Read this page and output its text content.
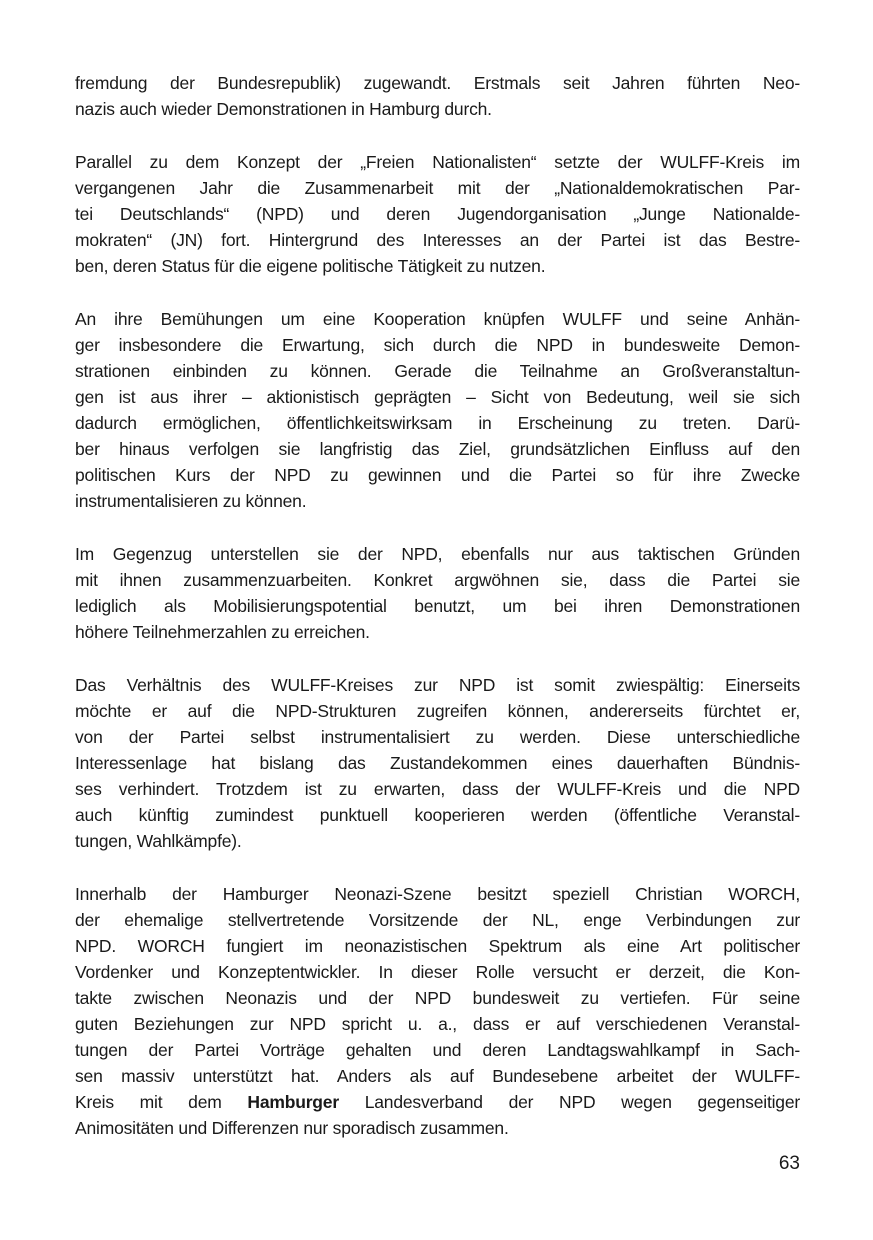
fremdung der Bundesrepublik) zugewandt. Erstmals seit Jahren führten Neo-
nazis auch wieder Demonstrationen in Hamburg durch.

Parallel zu dem Konzept der „Freien Nationalisten“ setzte der WULFF-Kreis im
vergangenen Jahr die Zusammenarbeit mit der „Nationaldemokratischen Par-
tei Deutschlands“ (NPD) und deren Jugendorganisation „Junge Nationalde-
mokraten“ (JN) fort. Hintergrund des Interesses an der Partei ist das Bestre-
ben, deren Status für die eigene politische Tätigkeit zu nutzen.

An ihre Bemühungen um eine Kooperation knüpfen WULFF und seine Anhän-
ger insbesondere die Erwartung, sich durch die NPD in bundesweite Demon-
strationen einbinden zu können. Gerade die Teilnahme an Großveranstaltun-
gen ist aus ihrer – aktionistisch geprägten – Sicht von Bedeutung, weil sie sich
dadurch ermöglichen, öffentlichkeitswirksam in Erscheinung zu treten. Darü-
ber hinaus verfolgen sie langfristig das Ziel, grundsätzlichen Einfluss auf den
politischen Kurs der NPD zu gewinnen und die Partei so für ihre Zwecke
instrumentalisieren zu können.

Im Gegenzug unterstellen sie der NPD, ebenfalls nur aus taktischen Gründen
mit ihnen zusammenzuarbeiten. Konkret argwöhnen sie, dass die Partei sie
lediglich als Mobilisierungspotential benutzt, um bei ihren Demonstrationen
höhere Teilnehmerzahlen zu erreichen.

Das Verhältnis des WULFF-Kreises zur NPD ist somit zwiespältig: Einerseits
möchte er auf die NPD-Strukturen zugreifen können, andererseits fürchtet er,
von der Partei selbst instrumentalisiert zu werden. Diese unterschiedliche
Interessenlage hat bislang das Zustandekommen eines dauerhaften Bündnis-
ses verhindert. Trotzdem ist zu erwarten, dass der WULFF-Kreis und die NPD
auch künftig zumindest punktuell kooperieren werden (öffentliche Veranstal-
tungen, Wahlkämpfe).

Innerhalb der Hamburger Neonazi-Szene besitzt speziell Christian WORCH,
der ehemalige stellvertretende Vorsitzende der NL, enge Verbindungen zur
NPD. WORCH fungiert im neonazistischen Spektrum als eine Art politischer
Vordenker und Konzeptentwickler. In dieser Rolle versucht er derzeit, die Kon-
takte zwischen Neonazis und der NPD bundesweit zu vertiefen. Für seine
guten Beziehungen zur NPD spricht u. a., dass er auf verschiedenen Veranstal-
tungen der Partei Vorträge gehalten und deren Landtagswahlkampf in Sach-
sen massiv unterstützt hat. Anders als auf Bundesebene arbeitet der WULFF-
Kreis mit dem Hamburger Landesverband der NPD wegen gegenseitiger
Animositäten und Differenzen nur sporadisch zusammen.

63
